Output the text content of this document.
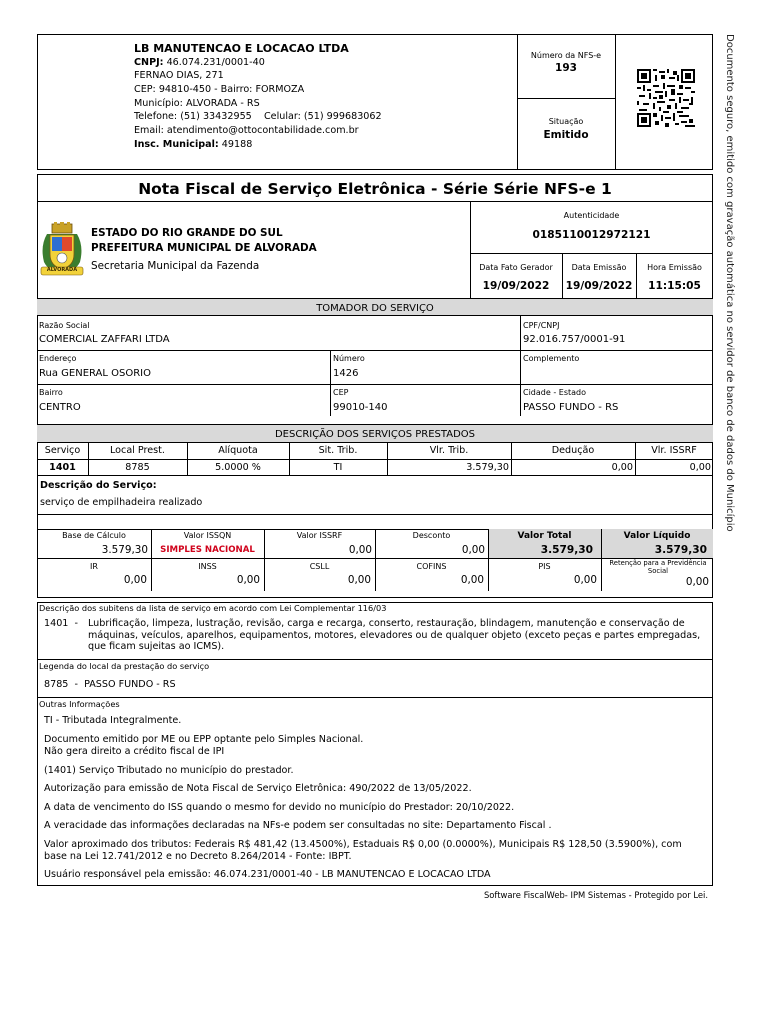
LB MANUTENCAO E LOCACAO LTDA
CNPJ: 46.074.231/0001-40
FERNAO DIAS, 271
CEP: 94810-450 - Bairro: FORMOZA
Município: ALVORADA - RS
Telefone: (51) 33432955    Celular: (51) 999683062
Email: atendimento@ottocontabilidade.com.br
Insc. Municipal: 49188
Número da NFS-e
193
Situação
Emitido	Documento seguro, emitido com gravação automática no servidor de banco de dados do Município
Nota Fiscal de Serviço Eletrônica - Série Série NFS-e 1
ALVORADA
ESTADO DO RIO GRANDE DO SUL
PREFEITURA MUNICIPAL DE ALVORADA
Secretaria Municipal da Fazenda
Autenticidade
0185110012972121
Data Fato Gerador
19/09/2022
Data Emissão
19/09/2022
Hora Emissão
11:15:05
TOMADOR DO SERVIÇO
Razão Social
COMERCIAL ZAFFARI LTDA
CPF/CNPJ
92.016.757/0001-91
Endereço
Rua GENERAL OSORIO
Número
1426
Complemento
Bairro
CENTRO
CEP
99010-140
Cidade - Estado
PASSO FUNDO - RS
DESCRIÇÃO DOS SERVIÇOS PRESTADOS
Serviço	Local Prest.	Alíquota	Sit. Trib.	Vlr. Trib.	Dedução	Vlr. ISSRF
1401	8785	5.0000 %	TI	3.579,30	0,00	0,00
Descrição do Serviço:
serviço de empilhadeira realizado
Base de Cálculo
3.579,30
Valor ISSQN
SIMPLES NACIONAL
Valor ISSRF
0,00
Desconto
0,00
Valor Total
3.579,30
Valor Líquido
3.579,30
IR
0,00
INSS
0,00
CSLL
0,00
COFINS
0,00
PIS
0,00
Retenção para a Previdência Social
0,00
Descrição dos subitens da lista de serviço em acordo com Lei Complementar 116/03
1401  - Lubrificação, limpeza, lustração, revisão, carga e recarga, conserto, restauração, blindagem, manutenção e conservação de máquinas, veículos, aparelhos, equipamentos, motores, elevadores ou de qualquer objeto (exceto peças e partes empregadas, que ficam sujeitas ao ICMS).
Legenda do local da prestação do serviço
8785  -  PASSO FUNDO - RS
Outras Informações
TI - Tributada Integralmente.
Documento emitido por ME ou EPP optante pelo Simples Nacional.
Não gera direito a crédito fiscal de IPI
(1401) Serviço Tributado no município do prestador.
Autorização para emissão de Nota Fiscal de Serviço Eletrônica: 490/2022 de 13/05/2022.
A data de vencimento do ISS quando o mesmo for devido no município do Prestador: 20/10/2022.
A veracidade das informações declaradas na NFs-e podem ser consultadas no site: Departamento Fiscal .
Valor aproximado dos tributos: Federais R$ 481,42 (13.4500%), Estaduais R$ 0,00 (0.0000%), Municipais R$ 128,50 (3.5900%), com
base na Lei 12.741/2012 e no Decreto 8.264/2014 - Fonte: IBPT.
Usuário responsável pela emissão: 46.074.231/0001-40 - LB MANUTENCAO E LOCACAO LTDA
Software FiscalWeb- IPM Sistemas - Protegido por Lei.
